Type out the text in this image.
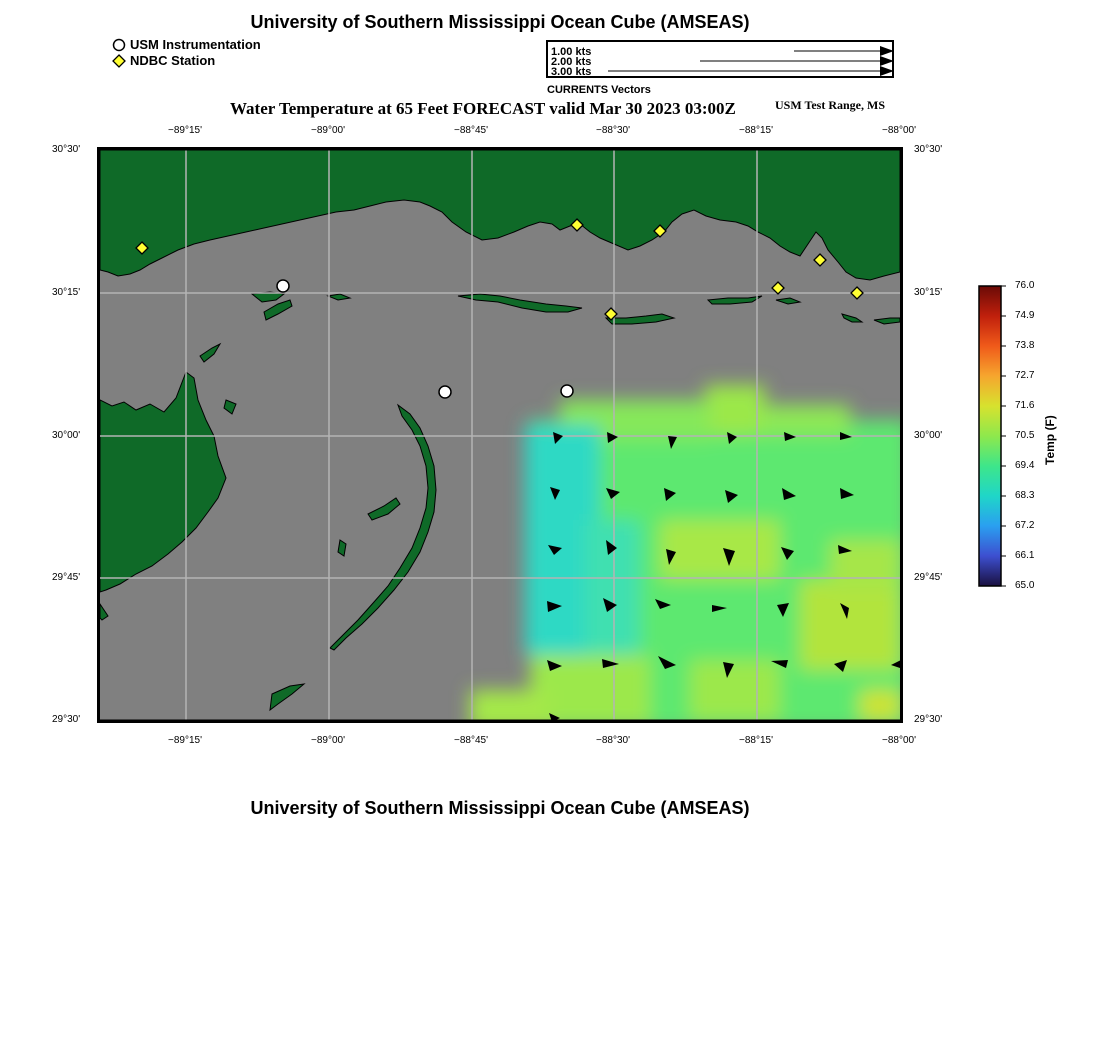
University of Southern Mississippi Ocean Cube (AMSEAS)
USM Instrumentation
NDBC Station
1.00 kts
2.00 kts
3.00 kts
CURRENTS Vectors
Water Temperature at 65 Feet FORECAST valid Mar 30 2023 03:00Z	USM Test Range, MS
−89°15'	−89°00'	−88°45'	−88°30'	−88°15'	−88°00'
−89°15'	−89°00'	−88°45'	−88°30'	−88°15'	−88°00'
30°30'
30°15'
30°00'
29°45'
29°30'
30°30'
30°15'
30°00'
29°45'
29°30'
76.0
74.9
73.8
72.7
71.6
70.5
69.4
68.3
67.2
66.1
65.0
Temp (F)
University of Southern Mississippi Ocean Cube (AMSEAS)
